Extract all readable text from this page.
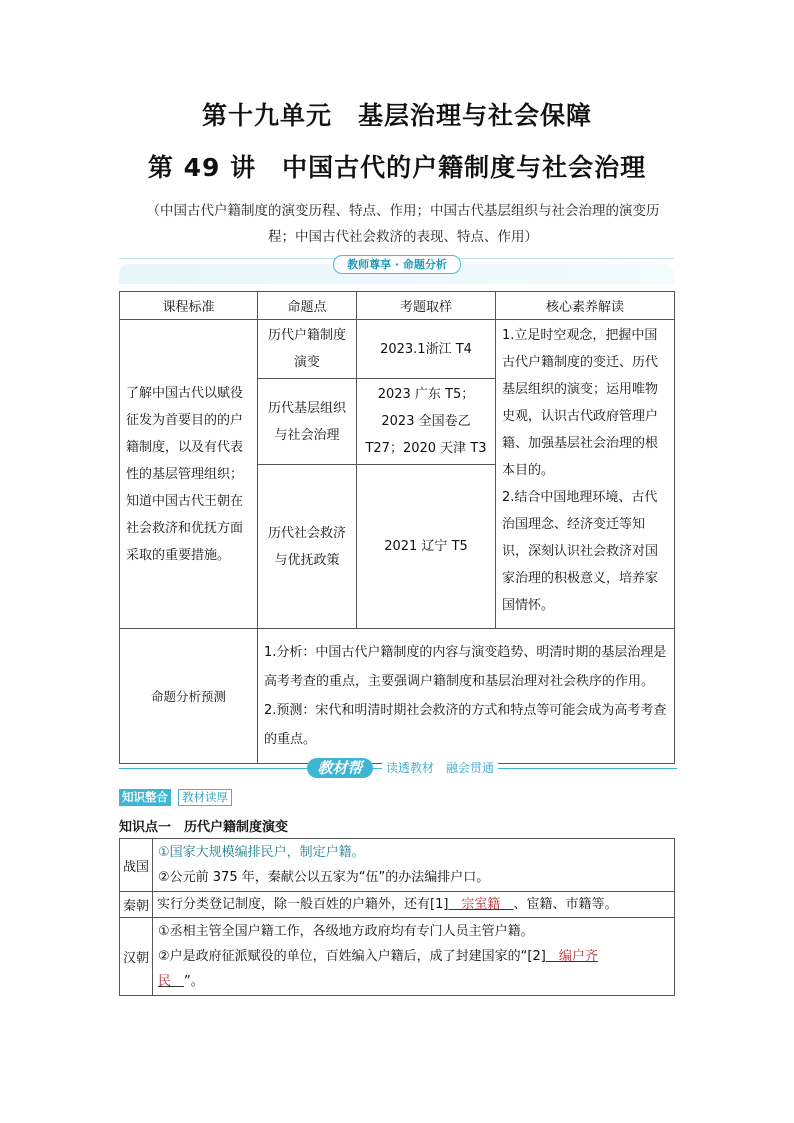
第十九单元　基层治理与社会保障
第 49 讲　中国古代的户籍制度与社会治理
（中国古代户籍制度的演变历程、特点、作用；中国古代基层组织与社会治理的演变历程；中国古代社会救济的表现、特点、作用）
教师尊享 · 命题分析
课程标准	命题点	考题取样	核心素养解读
了解中国古代以赋役征发为首要目的的户籍制度，以及有代表性的基层管理组织；知道中国古代王朝在社会救济和优抚方面采取的重要措施。	历代户籍制度演变	2023.1浙江 T4	1.立足时空观念，把握中国古代户籍制度的变迁、历代基层组织的演变；运用唯物史观，认识古代政府管理户籍、加强基层社会治理的根本目的。
2.结合中国地理环境、古代治国理念、经济变迁等知识，深刻认识社会救济对国家治理的积极意义，培养家国情怀。

	历代基层组织与社会治理	2023 广东 T5；2023 全国卷乙 T27；2020 天津 T3	
	历代社会救济与优抚政策	2021 辽宁 T5	
命题分析预测	1.分析：中国古代户籍制度的内容与演变趋势、明清时期的基层治理是高考考查的重点，主要强调户籍制度和基层治理对社会秩序的作用。
2.预测：宋代和明清时期社会救济的方式和特点等可能会成为高考考查的重点。		
教材帮	读透教材　融会贯通
知识整合	教材读厚
知识点一　历代户籍制度演变
战国	①国家大规模编排民户，制定户籍。
②公元前 375 年，秦献公以五家为“伍”的办法编排户口。

秦朝	实行分类登记制度，除一般百姓的户籍外，还有[1]　宗室籍　、宦籍、市籍等。
汉朝	①丞相主管全国户籍工作，各级地方政府均有专门人员主管户籍。
②户是政府征派赋役的单位，百姓编入户籍后，成了封建国家的“[2]　编户齐
民　”。
